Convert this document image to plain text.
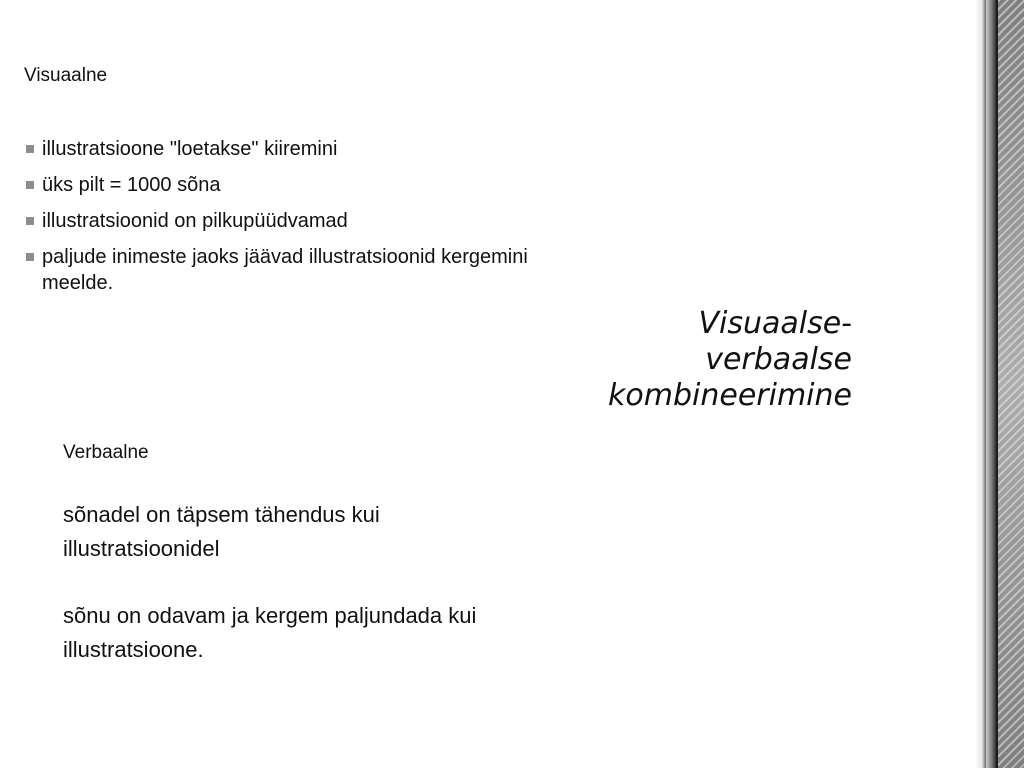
Visuaalne
illustratsioone "loetakse" kiiremini
üks pilt = 1000 sõna
illustratsioonid on pilkupüüdvamad
paljude inimeste jaoks jäävad illustratsioonid kergemini meelde.
Visuaalse-
verbaalse
kombineerimine
Verbaalne

sõnadel on täpsem tähendus kui illustratsioonidel

sõnu on odavam ja kergem paljundada kui illustratsioone.
